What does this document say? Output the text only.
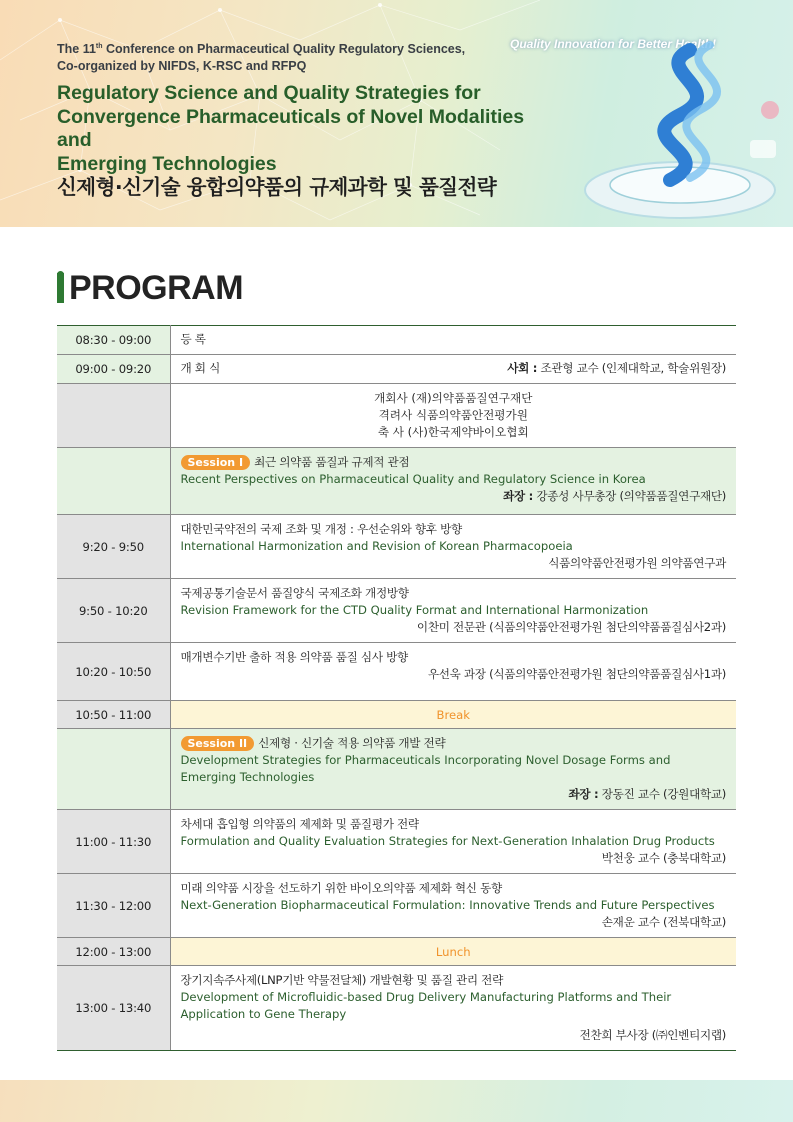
The 11th Conference on Pharmaceutical Quality Regulatory Sciences,
Co-organized by NIFDS, K-RSC and RFPQ
Quality Innovation for Better Health!
Regulatory Science and Quality Strategies for
Convergence Pharmaceuticals of Novel Modalities and
Emerging Technologies
신제형·신기술 융합의약품의 규제과학 및 품질전략
PROGRAM
08:30 - 09:00	등 록
09:00 - 09:20	개 회 식 사회 : 조관형 교수 (인제대학교, 학술위원장)

	개회사 (재)의약품품질연구재단
격려사 식품의약품안전평가원
축 사 (사)한국제약바이오협회

	Session I 최근 의약품 품질과 규제적 관점
Recent Perspectives on Pharmaceutical Quality and Regulatory Science in Korea
좌장 : 강종성 사무총장 (의약품품질연구재단)

9:20 - 9:50	대한민국약전의 국제 조화 및 개정 : 우선순위와 향후 방향
International Harmonization and Revision of Korean Pharmacopoeia
식품의약품안전평가원 의약품연구과

9:50 - 10:20	국제공통기술문서 품질양식 국제조화 개정방향
Revision Framework for the CTD Quality Format and International Harmonization
이찬미 전문관 (식품의약품안전평가원 첨단의약품품질심사2과)

10:20 - 10:50	매개변수기반 출하 적용 의약품 품질 심사 방향
우선욱 과장 (식품의약품안전평가원 첨단의약품품질심사1과)

10:50 - 11:00	Break

	Session II 신제형 · 신기술 적용 의약품 개발 전략
Development Strategies for Pharmaceuticals Incorporating Novel Dosage Forms and
Emerging Technologies
좌장 : 장동진 교수 (강원대학교)

11:00 - 11:30	차세대 흡입형 의약품의 제제화 및 품질평가 전략
Formulation and Quality Evaluation Strategies for Next-Generation Inhalation Drug Products
박천웅 교수 (충북대학교)

11:30 - 12:00	미래 의약품 시장을 선도하기 위한 바이오의약품 제제화 혁신 동향
Next-Generation Biopharmaceutical Formulation: Innovative Trends and Future Perspectives
손재운 교수 (전북대학교)

12:00 - 13:00	Lunch
13:00 - 13:40	장기지속주사제(LNP기반 약물전달체) 개발현황 및 품질 관리 전략
Development of Microfluidic-based Drug Delivery Manufacturing Platforms and Their
Application to Gene Therapy
전찬희 부사장 (㈜인벤티지랩)
